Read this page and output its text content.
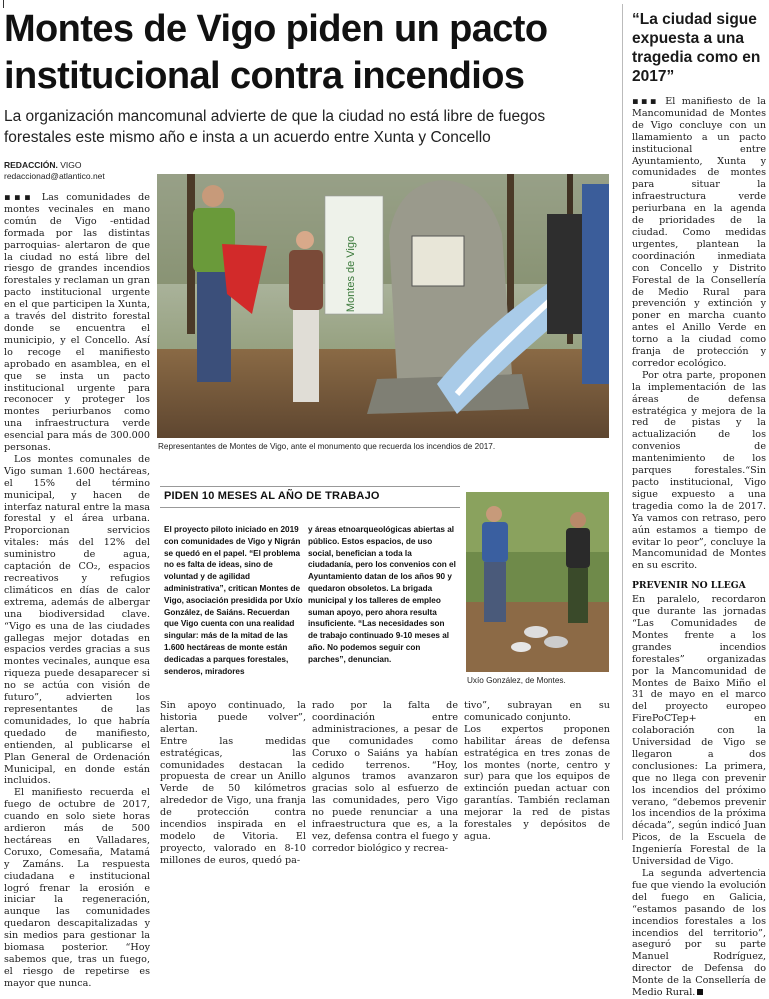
Montes de Vigo piden un pacto institucional contra incendios
La organización mancomunal advierte de que la ciudad no está libre de fuegos forestales este mismo año e insta a un acuerdo entre Xunta y Concello
“La ciudad sigue expuesta a una tragedia como en 2017”
REDACCIÓN. VIGO
redaccionad@atlantico.net

▪▪▪ Las comunidades de montes vecinales en mano común de Vigo -entidad formada por las distintas parroquias- alertaron de que la ciudad no está libre del riesgo de grandes incendios forestales y reclaman un gran pacto institucional urgente en el que participen la Xunta, a través del distrito forestal donde se encuentra el municipio, y el Concello. Así lo recoge el manifiesto aprobado en asamblea, en el que se insta un pacto institucional urgente para reconocer y proteger los montes periurbanos como una infraestructura verde esencial para más de 300.000 personas.

Los montes comunales de Vigo suman 1.600 hectáreas, el 15% del término municipal, y hacen de interfaz natural entre la masa forestal y el área urbana. Proporcionan servicios vitales: más del 12% del suministro de agua, captación de CO₂, espacios recreativos y refugios climáticos en días de calor extrema, además de albergar una biodiversidad clave. “Vigo es una de las ciudades gallegas mejor dotadas en espacios verdes gracias a sus montes vecinales, aunque esa riqueza puede desaparecer si no se actúa con visión de futuro”, advierten los representantes de las comunidades, lo que habría quedado de manifiesto, entienden, al publicarse el Plan General de Ordenación Municipal, en donde están incluidos.

El manifiesto recuerda el fuego de octubre de 2017, cuando en solo siete horas ardieron más de 500 hectáreas en Valladares, Coruxo, Comesaña, Matamá y Zamáns. La respuesta ciudadana e institucional logró frenar la erosión e iniciar la regeneración, aunque las comunidades quedaron descapitalizadas y sin medios para gestionar la biomasa posterior. “Hoy sabemos que, tras un fuego, el riesgo de repetirse es mayor que nunca.

Montes de Vigo
Representantes de Montes de Vigo, ante el monumento que recuerda los incendios de 2017.
PIDEN 10 MESES AL AÑO DE TRABAJO
El proyecto piloto iniciado en 2019 con comunidades de Vigo y Nigrán se quedó en el papel. “El problema no es falta de ideas, sino de voluntad y de agilidad administrativa”, critican Montes de Vigo, asociación presidida por Uxío González, de Saiáns. Recuerdan que Vigo cuenta con una realidad singular: más de la mitad de las 1.600 hectáreas de monte están dedicadas a parques forestales, senderos, miradores
y áreas etnoarqueológicas abiertas al público. Estos espacios, de uso social, benefician a toda la ciudadanía, pero los convenios con el Ayuntamiento datan de los años 90 y quedaron obsoletos. La brigada municipal y los talleres de empleo suman apoyo, pero ahora resulta insuficiente. “Las necesidades son de trabajo continuado 9-10 meses al año. No podemos seguir con parches”, denuncian.
Uxío González, de Montes.
Sin apoyo continuado, la historia puede volver”, alertan.
Entre las medidas estratégicas, las comunidades destacan la propuesta de crear un Anillo Verde de 50 kilómetros alrededor de Vigo, una franja de protección contra incendios inspirada en el modelo de Vitoria. El proyecto, valorado en 8-10 millones de euros, quedó pa-
rado por la falta de coordinación entre administraciones, a pesar de que comunidades como Coruxo o Saiáns ya habían cedido terrenos. “Hoy, algunos tramos avanzaron gracias solo al esfuerzo de las comunidades, pero Vigo no puede renunciar a una infraestructura que es, a la vez, defensa contra el fuego y corredor biológico y recrea-
tivo”, subrayan en su comunicado conjunto.
Los expertos proponen habilitar áreas de defensa estratégica en tres zonas de los montes (norte, centro y sur) para que los equipos de extinción puedan actuar con garantías. También reclaman mejorar la red de pistas forestales y depósitos de agua.

▪▪▪ El manifiesto de la Mancomunidad de Montes de Vigo concluye con un llamamiento a un pacto institucional entre Ayuntamiento, Xunta y comunidades de montes para situar la infraestructura verde periurbana en la agenda de prioridades de la ciudad. Como medidas urgentes, plantean la coordinación inmediata con Concello y Distrito Forestal de la Consellería de Medio Rural para prevención y extinción y poner en marcha cuanto antes el Anillo Verde en torno a la ciudad como franja de protección y corredor ecológico.

Por otra parte, proponen la implementación de las áreas de defensa estratégica y mejora de la red de pistas y la actualización de los convenios de mantenimiento de los parques forestales.“Sin pacto institucional, Vigo sigue expuesto a una tragedia como la de 2017. Ya vamos con retraso, pero aún estamos a tiempo de evitar lo peor”, concluye la Mancomunidad de Montes en su escrito.

PREVENIR NO LLEGA

En paralelo, recordaron que durante las jornadas “Las Comunidades de Montes frente a los grandes incendios forestales” organizadas por la Mancomunidad de Montes de Baixo Miño el 31 de mayo en el marco del proyecto europeo FirePoCTep+ en colaboración con la Universidad de Vigo se llegaron a dos conclusiones: La primera, que no llega con prevenir los incendios del próximo verano, “debemos prevenir los incendios de la próxima década”, según indicó Juan Picos, de la Escuela de Ingeniería Forestal de la Universidad de Vigo.

La segunda advertencia fue que viendo la evolución del fuego en Galicia, “estamos pasando de los incendios forestales a los incendios del territorio”, aseguró por su parte Manuel Rodríguez, director de Defensa do Monte de la Consellería de Medio Rural.
